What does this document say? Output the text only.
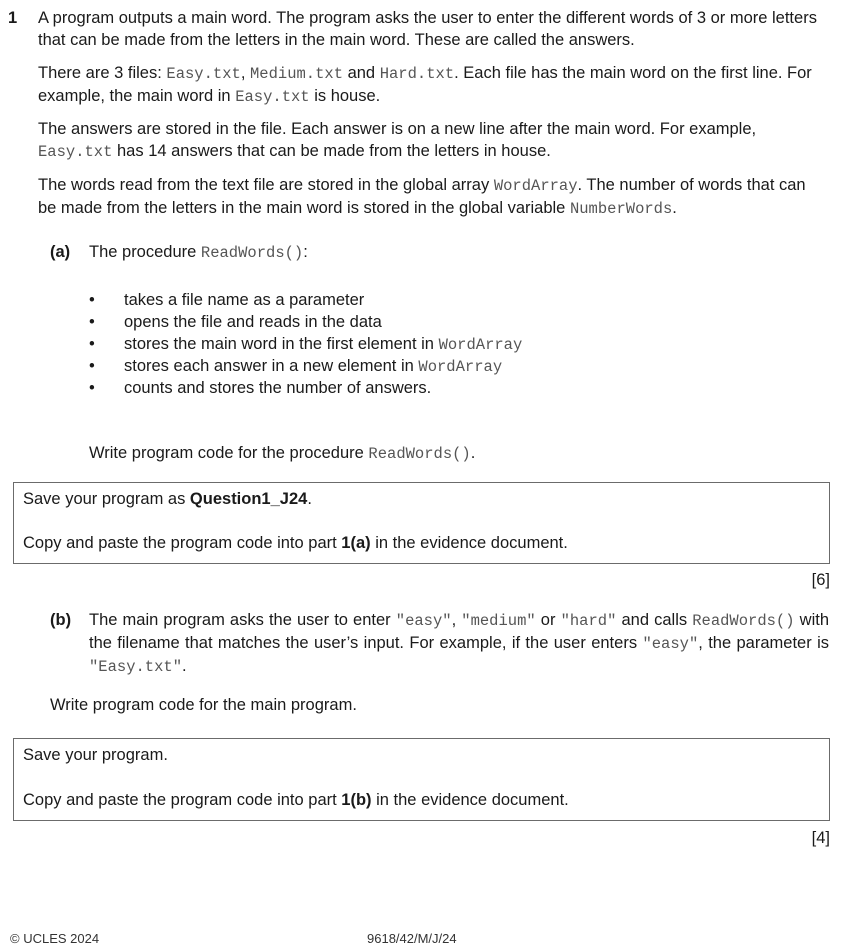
1 A program outputs a main word. The program asks the user to enter the different words of 3 or more letters that can be made from the letters in the main word. These are called the answers.

There are 3 files: Easy.txt, Medium.txt and Hard.txt. Each file has the main word on the first line. For example, the main word in Easy.txt is house.

The answers are stored in the file. Each answer is on a new line after the main word. For example, Easy.txt has 14 answers that can be made from the letters in house.

The words read from the text file are stored in the global array WordArray. The number of words that can be made from the letters in the main word is stored in the global variable NumberWords.

(a) The procedure ReadWords():

• takes a file name as a parameter
• opens the file and reads in the data
• stores the main word in the first element in WordArray
• stores each answer in a new element in WordArray
• counts and stores the number of answers.

Write program code for the procedure ReadWords().

Save your program as Question1_J24.

Copy and paste the program code into part 1(a) in the evidence document.

[6]

(b) The main program asks the user to enter "easy", "medium" or "hard" and calls ReadWords() with the filename that matches the user’s input. For example, if the user enters "easy", the parameter is "Easy.txt".

Write program code for the main program.

Save your program.

Copy and paste the program code into part 1(b) in the evidence document.

[4]

© UCLES 2024	9618/42/M/J/24
